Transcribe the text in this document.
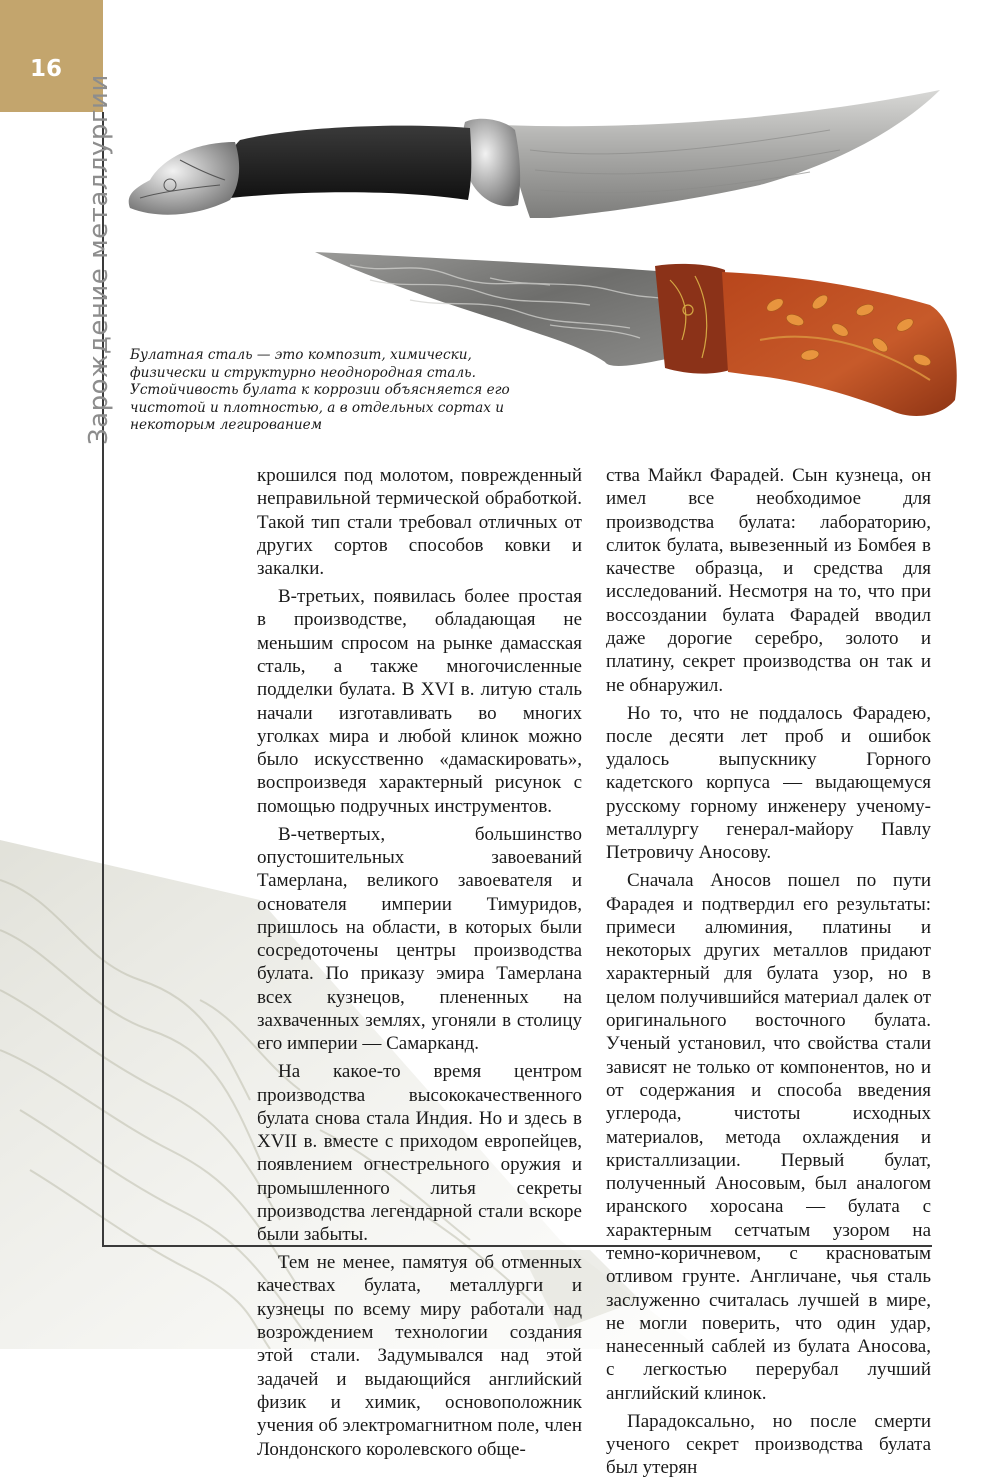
16
Зарождение металлургии Булатная сталь — это композит, химически, физически и структурно неоднородная сталь. Устойчивость булата к коррозии объясняется его чистотой и плотностью, а в отдельных сортах и некоторым легированием

крошился под молотом, поврежденный неправильной термической обработкой. Такой тип стали требовал отличных от других сортов способов ковки и закалки.

В-третьих, появилась более простая в производстве, обладающая не меньшим спросом на рынке дамасская сталь, а также многочисленные подделки булата. В XVI в. литую сталь начали изготавливать во многих уголках мира и любой клинок можно было искусственно «дамаскировать», воспроизведя характерный рисунок с помощью подручных инструментов.

В-четвертых, большинство опустошительных завоеваний Тамерлана, великого завоевателя и основателя империи Тимуридов, пришлось на области, в которых были сосредоточены центры производства булата. По приказу эмира Тамерлана всех кузнецов, плененных на захваченных землях, угоняли в столицу его империи — Самарканд.

На какое-то время центром производства высококачественного булата снова стала Индия. Но и здесь в XVII в. вместе с приходом европейцев, появлением огнестрельного оружия и промышленного литья секреты производства легендарной стали вскоре были забыты.

Тем не менее, памятуя об отменных качествах булата, металлурги и кузнецы по всему миру работали над возрождением технологии создания этой стали. Задумывался над этой задачей и выдающийся английский физик и химик, основоположник учения об электромагнитном поле, член Лондонского королевского обще-

ства Майкл Фарадей. Сын кузнеца, он имел все необходимое для производства булата: лабораторию, слиток булата, вывезенный из Бомбея в качестве образца, и средства для исследований. Несмотря на то, что при воссоздании булата Фарадей вводил даже дорогие серебро, золото и платину, секрет производства он так и не обнаружил.

Но то, что не поддалось Фарадею, после десяти лет проб и ошибок удалось выпускнику Горного кадетского корпуса — выдающемуся русскому горному инженеру ученому-металлургу генерал-майору Павлу Петровичу Аносову.

Сначала Аносов пошел по пути Фарадея и подтвердил его результаты: примеси алюминия, платины и некоторых других металлов придают характерный для булата узор, но в целом получившийся материал далек от оригинального восточного булата. Ученый установил, что свойства стали зависят не только от компонентов, но и от содержания и способа введения углерода, чистоты исходных материалов, метода охлаждения и кристаллизации. Первый булат, полученный Аносовым, был аналогом иранского хоросана — булата с характерным сетчатым узором на темно-коричневом, с красноватым отливом грунте. Англичане, чья сталь заслуженно считалась лучшей в мире, не могли поверить, что один удар, нанесенный саблей из булата Аносова, с легкостью перерубал лучший английский клинок.

Парадоксально, но после смерти ученого секрет производства булата был утерян
